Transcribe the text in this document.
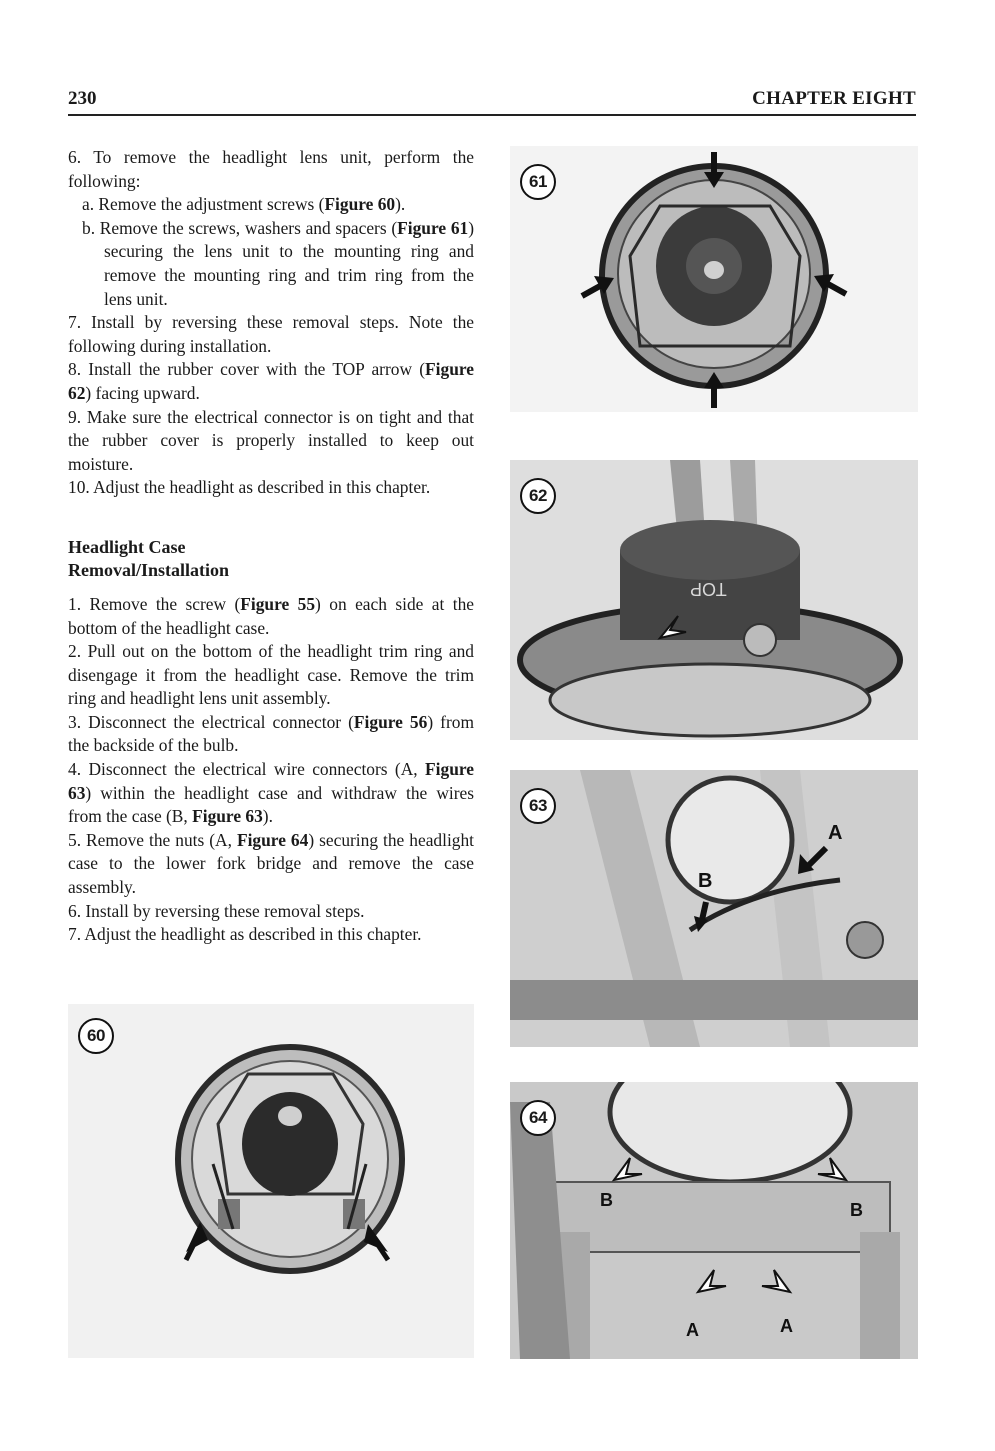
230	CHAPTER EIGHT

6. To remove the headlight lens unit, perform the following:

a. Remove the adjustment screws (Figure 60).

b. Remove the screws, washers and spacers (Figure 61) securing the lens unit to the mounting ring and remove the mounting ring and trim ring from the lens unit.

7. Install by reversing these removal steps. Note the following during installation.

8. Install the rubber cover with the TOP arrow (Figure 62) facing upward.

9. Make sure the electrical connector is on tight and that the rubber cover is properly installed to keep out moisture.

10. Adjust the headlight as described in this chapter.

Headlight Case
Removal/Installation

1. Remove the screw (Figure 55) on each side at the bottom of the headlight case.

2. Pull out on the bottom of the headlight trim ring and disengage it from the headlight case. Remove the trim ring and headlight lens unit assembly.

3. Disconnect the electrical connector (Figure 56) from the backside of the bulb.

4. Disconnect the electrical wire connectors (A, Figure 63) within the headlight case and withdraw the wires from the case (B, Figure 63).

5. Remove the nuts (A, Figure 64) securing the headlight case to the lower fork bridge and remove the case assembly.

6. Install by reversing these removal steps.

7. Adjust the headlight as described in this chapter.

60
61
TOP
62
A
B
63
B	B
A	A
64
